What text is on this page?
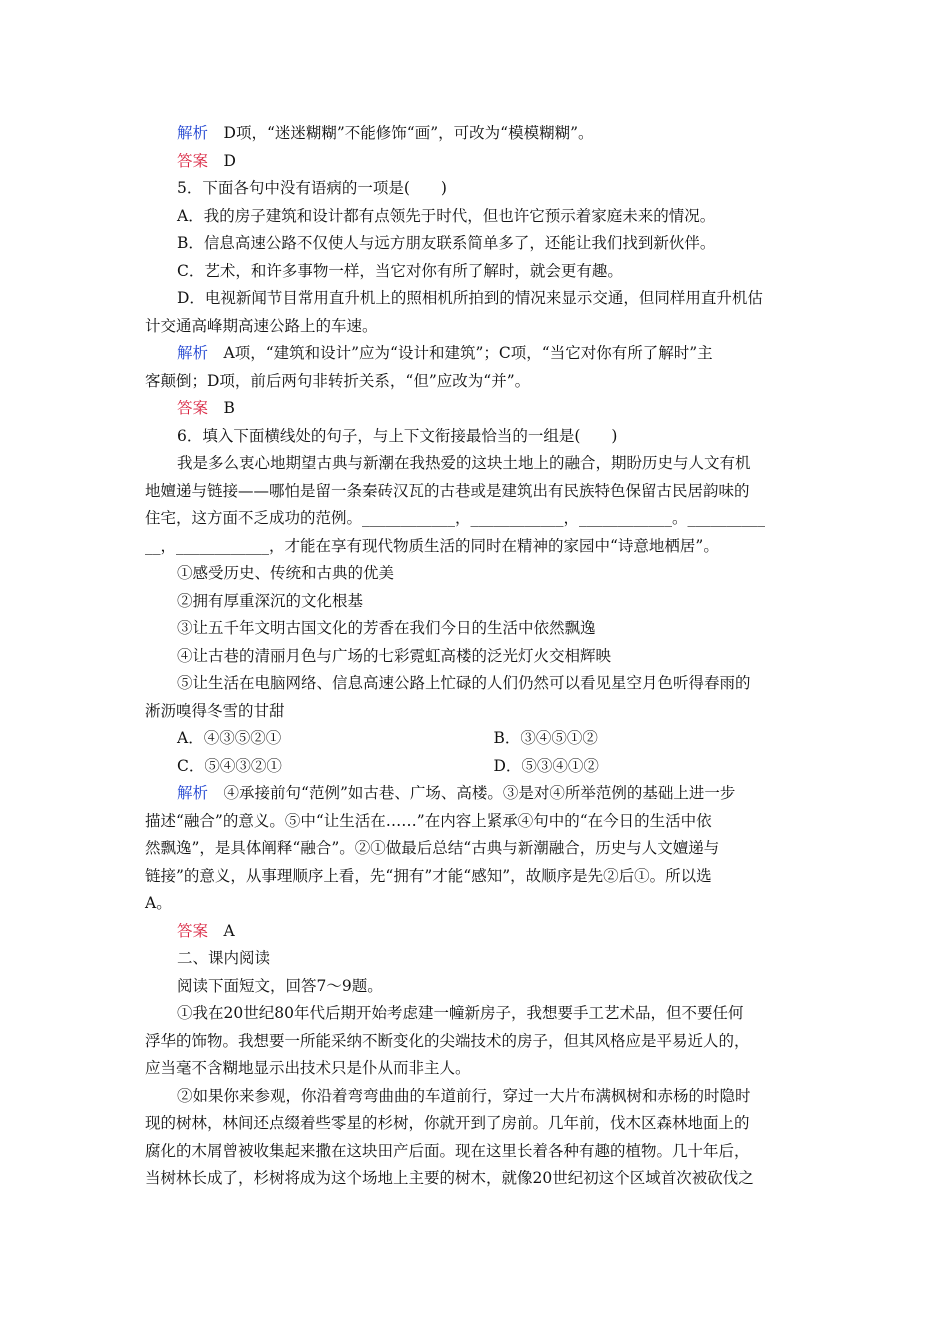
解析　D项，“迷迷糊糊”不能修饰“画”，可改为“模模糊糊”。
答案　D
5．下面各句中没有语病的一项是(　　)
A．我的房子建筑和设计都有点领先于时代，但也许它预示着家庭未来的情况。
B．信息高速公路不仅使人与远方朋友联系简单多了，还能让我们找到新伙伴。
C．艺术，和许多事物一样，当它对你有所了解时，就会更有趣。
D．电视新闻节目常用直升机上的照相机所拍到的情况来显示交通，但同样用直升机估
计交通高峰期高速公路上的车速。
解析　A项，“建筑和设计”应为“设计和建筑”；C项，“当它对你有所了解时”主
客颠倒；D项，前后两句非转折关系，“但”应改为“并”。
答案　B
6．填入下面横线处的句子，与上下文衔接最恰当的一组是(　　)
我是多么衷心地期望古典与新潮在我热爱的这块土地上的融合，期盼历史与人文有机
地嬗递与链接——哪怕是留一条秦砖汉瓦的古巷或是建筑出有民族特色保留古民居韵味的
住宅，这方面不乏成功的范例。____________，____________，____________。__________
__，____________，才能在享有现代物质生活的同时在精神的家园中“诗意地栖居”。
①感受历史、传统和古典的优美
②拥有厚重深沉的文化根基
③让五千年文明古国文化的芳香在我们今日的生活中依然飘逸
④让古巷的清丽月色与广场的七彩霓虹高楼的泛光灯火交相辉映
⑤让生活在电脑网络、信息高速公路上忙碌的人们仍然可以看见星空月色听得春雨的
淅沥嗅得冬雪的甘甜
A．④③⑤②①	B．③④⑤①②
C．⑤④③②①	D．⑤③④①②
解析　④承接前句“范例”如古巷、广场、高楼。③是对④所举范例的基础上进一步
描述“融合”的意义。⑤中“让生活在……”在内容上紧承④句中的“在今日的生活中依
然飘逸”，是具体阐释“融合”。②①做最后总结“古典与新潮融合，历史与人文嬗递与
链接”的意义，从事理顺序上看，先“拥有”才能“感知”，故顺序是先②后①。所以选
A。
答案　A
二、课内阅读
阅读下面短文，回答7～9题。
①我在20世纪80年代后期开始考虑建一幢新房子，我想要手工艺术品，但不要任何
浮华的饰物。我想要一所能采纳不断变化的尖端技术的房子，但其风格应是平易近人的，
应当毫不含糊地显示出技术只是仆从而非主人。
②如果你来参观，你沿着弯弯曲曲的车道前行，穿过一大片布满枫树和赤杨的时隐时
现的树林，林间还点缀着些零星的杉树，你就开到了房前。几年前，伐木区森林地面上的
腐化的木屑曾被收集起来撒在这块田产后面。现在这里长着各种有趣的植物。几十年后，
当树林长成了，杉树将成为这个场地上主要的树木，就像20世纪初这个区域首次被砍伐之
